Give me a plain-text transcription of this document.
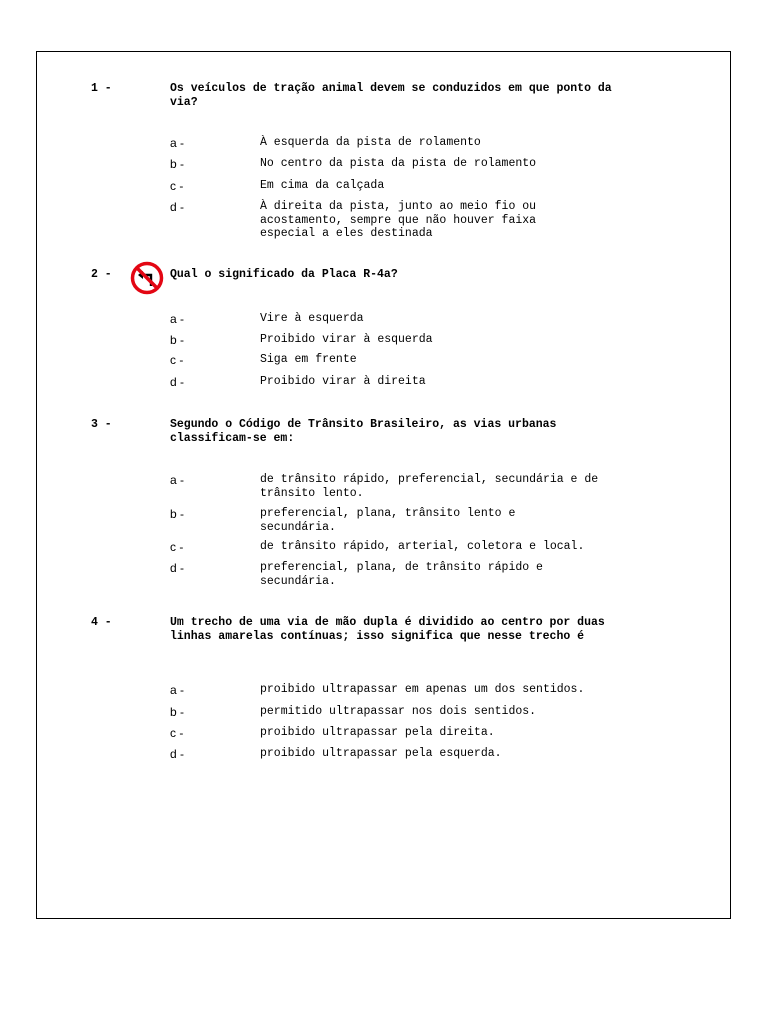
1 -	Os veículos de tração animal devem se conduzidos em que ponto da via?
a -	À esquerda da pista de rolamento
b -	No centro da pista da pista de rolamento
c -	Em cima da calçada
d -	À direita da pista, junto ao meio fio ou acostamento, sempre que não houver faixa especial a eles destinada
2 -	Qual o significado da Placa R-4a?
a -	Vire à esquerda
b -	Proibido virar à esquerda
c -	Siga em frente
d -	Proibido virar à direita
3 -	Segundo o Código de Trânsito Brasileiro, as vias urbanas classificam-se em:
a -	de trânsito rápido, preferencial, secundária e de trânsito lento.
b -	preferencial, plana, trânsito lento e secundária.
c -	de trânsito rápido, arterial, coletora e local.
d -	preferencial, plana, de trânsito rápido e secundária.
4 -	Um trecho de uma via de mão dupla é dividido ao centro por duas linhas amarelas contínuas; isso significa que nesse trecho é
a -	proibido ultrapassar em apenas um dos sentidos.
b -	permitido ultrapassar nos dois sentidos.
c -	proibido ultrapassar pela direita.
d -	proibido ultrapassar pela esquerda.
